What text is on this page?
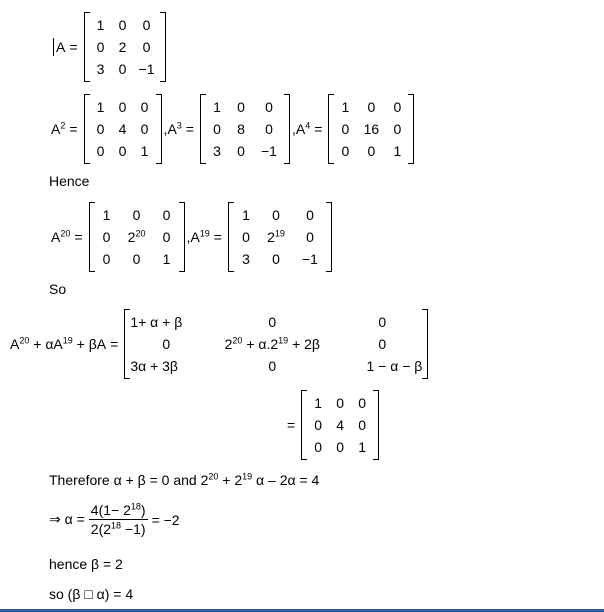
A =
1	0	0
0	2	0
3	0 −1
$A^2$ =
1	0	0
0	4	0
0	0	1
, $A^3$ =
1	0	0
0	8	0
3	0	−1
, $A^4$ =
1	0	0
0	16	0
0	0	1
Hence
$A^{20}$ =
1	0	0
0	$2^{20}$	0
0	0	1
, $A^{19}$ =
1	0	0
0	$2^{19}$	0
3	0	−1
So
$A^{20} + \alpha A^{19} + \beta A$ =
1+ α + β	0	0
0	$2^{20} + \alpha.2^{19} + 2\beta$	0
3α + 3β	0	1 − α − β
=
1	0	0
0	4	0
0	0	1
Therefore α + β = 0 and $2^{20} + 2^{19}$ α – 2α = 4
⇒ $\alpha = \frac{4(1- 2^{18})}{2(2^{18} -1)} = -2$
hence β = 2
so (β □ α) = 4
